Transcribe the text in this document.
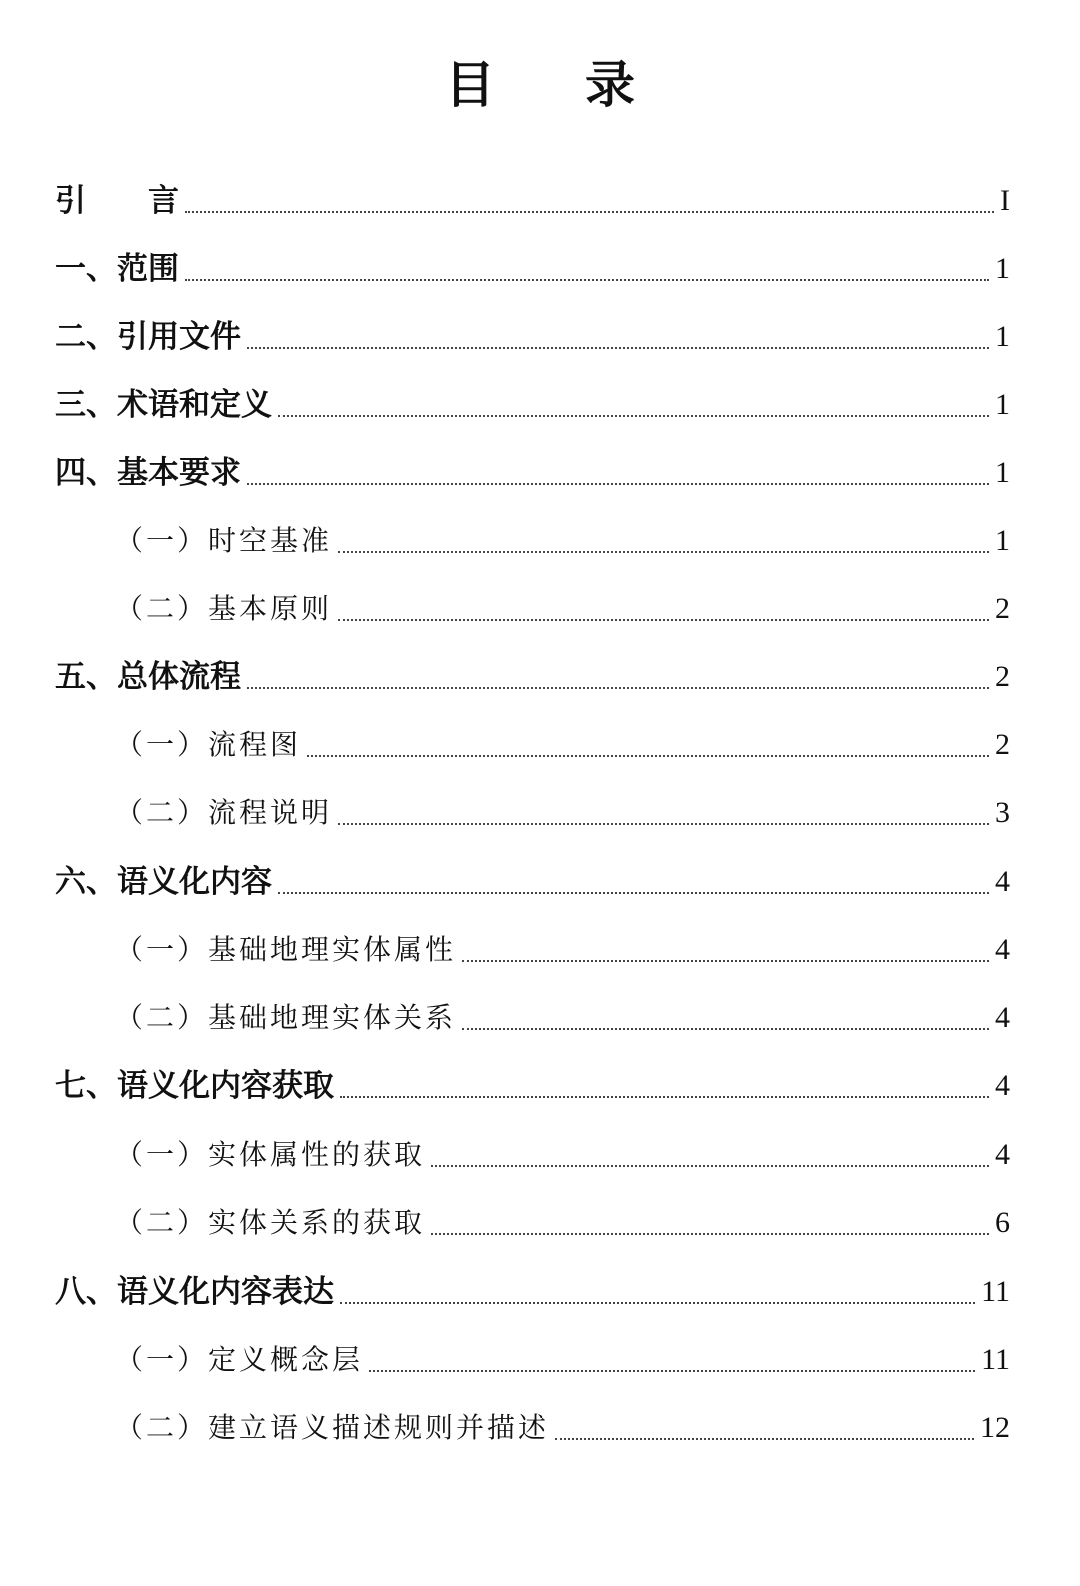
目 录
引 言	I
一、范围	1
二、引用文件	1
三、术语和定义	1
四、基本要求	1
（一）时空基准	1
（二）基本原则	2
五、总体流程	2
（一）流程图	2
（二）流程说明	3
六、语义化内容	4
（一）基础地理实体属性	4
（二）基础地理实体关系	4
七、语义化内容获取	4
（一）实体属性的获取	4
（二）实体关系的获取	6
八、语义化内容表达	11
（一）定义概念层	11
（二）建立语义描述规则并描述	12
